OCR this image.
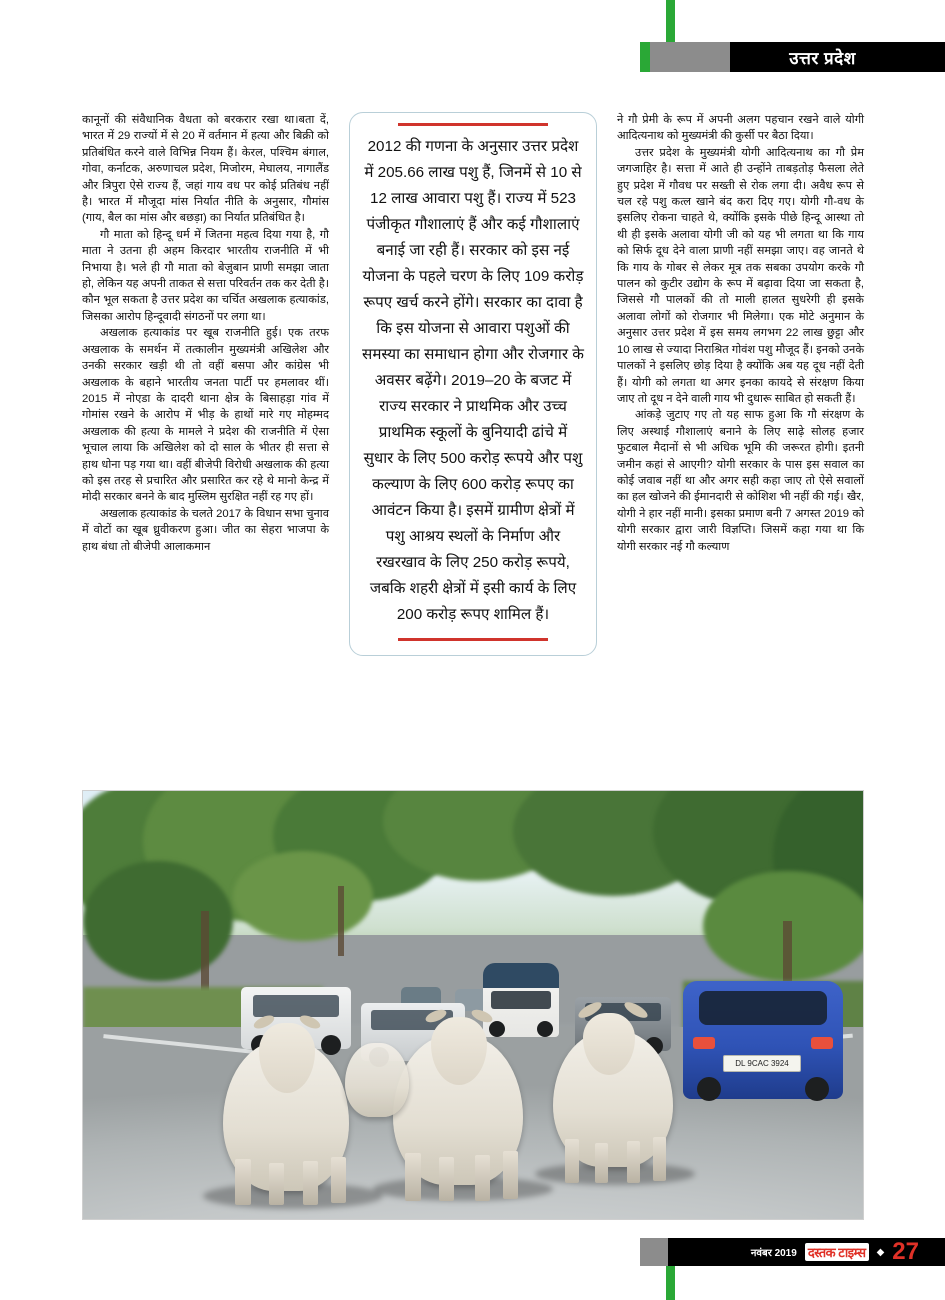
उत्तर प्रदेश

कानूनों की संवैधानिक वैधता को बरकरार रखा था।बता दें, भारत में 29 राज्यों में से 20 में वर्तमान में हत्या और बिक्री को प्रतिबंधित करने वाले विभिन्न नियम हैं। केरल, पश्चिम बंगाल, गोवा, कर्नाटक, अरुणाचल प्रदेश, मिजोरम, मेघालय, नागालैंड और त्रिपुरा ऐसे राज्य हैं, जहां गाय वध पर कोई प्रतिबंध नहीं है। भारत में मौजूदा मांस निर्यात नीति के अनुसार, गौमांस (गाय, बैल का मांस और बछड़ा) का निर्यात प्रतिबंधित है।

गौ माता को हिन्दू धर्म में जितना महत्व दिया गया है, गौ माता ने उतना ही अहम किरदार भारतीय राजनीति में भी निभाया है। भले ही गौ माता को बेज़ुबान प्राणी समझा जाता हो, लेकिन यह अपनी ताकत से सत्ता परिवर्तन तक कर देती है। कौन भूल सकता है उत्तर प्रदेश का चर्चित अखलाक हत्याकांड, जिसका आरोप हिन्दूवादी संगठनों पर लगा था।

अखलाक हत्याकांड पर खूब राजनीति हुई। एक तरफ अखलाक के समर्थन में तत्कालीन मुख्यमंत्री अखिलेश और उनकी सरकार खड़ी थी तो वहीं बसपा और कांग्रेस भी अखलाक के बहाने भारतीय जनता पार्टी पर हमलावर थीं। 2015 में नोएडा के दादरी थाना क्षेत्र के बिसाहड़ा गांव में गोमांस रखने के आरोप में भीड़ के हाथों मारे गए मोहम्मद अखलाक की हत्या के मामले ने प्रदेश की राजनीति में ऐसा भूचाल लाया कि अखिलेश को दो साल के भीतर ही सत्ता से हाथ धोना पड़ गया था। वहीं बीजेपी विरोधी अखलाक की हत्या को इस तरह से प्रचारित और प्रसारित कर रहे थे मानो केन्द्र में मोदी सरकार बनने के बाद मुस्लिम सुरक्षित नहीं रह गए हों।

अखलाक हत्याकांड के चलते 2017 के विधान सभा चुनाव में वोटों का खूब ध्रुवीकरण हुआ। जीत का सेहरा भाजपा के हाथ बंधा तो बीजेपी आलाकमान

2012 की गणना के अनुसार उत्तर प्रदेश में 205.66 लाख पशु हैं, जिनमें से 10 से 12 लाख आवारा पशु हैं। राज्य में 523 पंजीकृत गौशालाएं हैं और कई गौशालाएं बनाई जा रही हैं। सरकार को इस नई योजना के पहले चरण के लिए 109 करोड़ रूपए खर्च करने होंगे। सरकार का दावा है कि इस योजना से आवारा पशुओं की समस्या का समाधान होगा और रोजगार के अवसर बढ़ेंगे। 2019–20 के बजट में राज्य सरकार ने प्राथमिक और उच्च प्राथमिक स्कूलों के बुनियादी ढांचे में सुधार के लिए 500 करोड़ रूपये और पशु कल्याण के लिए 600 करोड़ रूपए का आवंटन किया है। इसमें ग्रामीण क्षेत्रों में पशु आश्रय स्थलों के निर्माण और रखरखाव के लिए 250 करोड़ रूपये, जबकि शहरी क्षेत्रों में इसी कार्य के लिए 200 करोड़ रूपए शामिल हैं।

ने गौ प्रेमी के रूप में अपनी अलग पहचान रखने वाले योगी आदित्यनाथ को मुख्यमंत्री की कुर्सी पर बैठा दिया।

उत्तर प्रदेश के मुख्यमंत्री योगी आदित्यनाथ का गौ प्रेम जगजाहिर है। सत्ता में आते ही उन्होंने ताबड़तोड़ फैसला लेते हुए प्रदेश में गौवध पर सख्ती से रोक लगा दी। अवैध रूप से चल रहे पशु कत्ल खाने बंद करा दिए गए। योगी गौ-वध के इसलिए रोकना चाहते थे, क्योंकि इसके पीछे हिन्दू आस्था तो थी ही इसके अलावा योगी जी को यह भी लगता था कि गाय को सिर्फ दूध देने वाला प्राणी नहीं समझा जाए। वह जानते थे कि गाय के गोबर से लेकर मूत्र तक सबका उपयोग करके गौ पालन को कुटीर उद्योग के रूप में बढ़ावा दिया जा सकता है, जिससे गौ पालकों की तो माली हालत सुधरेगी ही इसके अलावा लोगों को रोजगार भी मिलेगा। एक मोटे अनुमान के अनुसार उत्तर प्रदेश में इस समय लगभग 22 लाख छुट्टा और 10 लाख से ज्यादा निराश्रित गोवंश पशु मौजूद हैं। इनको उनके पालकों ने इसलिए छोड़ दिया है क्योंकि अब यह दूध नहीं देती हैं। योगी को लगता था अगर इनका कायदे से संरक्षण किया जाए तो दूध न देने वाली गाय भी दुधारू साबित हो सकती हैं।

आंकड़े जुटाए गए तो यह साफ हुआ कि गौ संरक्षण के लिए अस्थाई गौशालाएं बनाने के लिए साढ़े सोलह हजार फुटबाल मैदानों से भी अधिक भूमि की जरूरत होगी। इतनी जमीन कहां से आएगी? योगी सरकार के पास इस सवाल का कोई जवाब नहीं था और अगर सही कहा जाए तो ऐसे सवालों का हल खोजने की ईमानदारी से कोशिश भी नहीं की गई। खैर, योगी ने हार नहीं मानी। इसका प्रमाण बनी 7 अगस्त 2019 को योगी सरकार द्वारा जारी विज्ञप्ति। जिसमें कहा गया था कि योगी सरकार नई गौ कल्याण

DL 9CAC 3924
नवंबर 2019 दस्तक टाइम्स	◆ 27
